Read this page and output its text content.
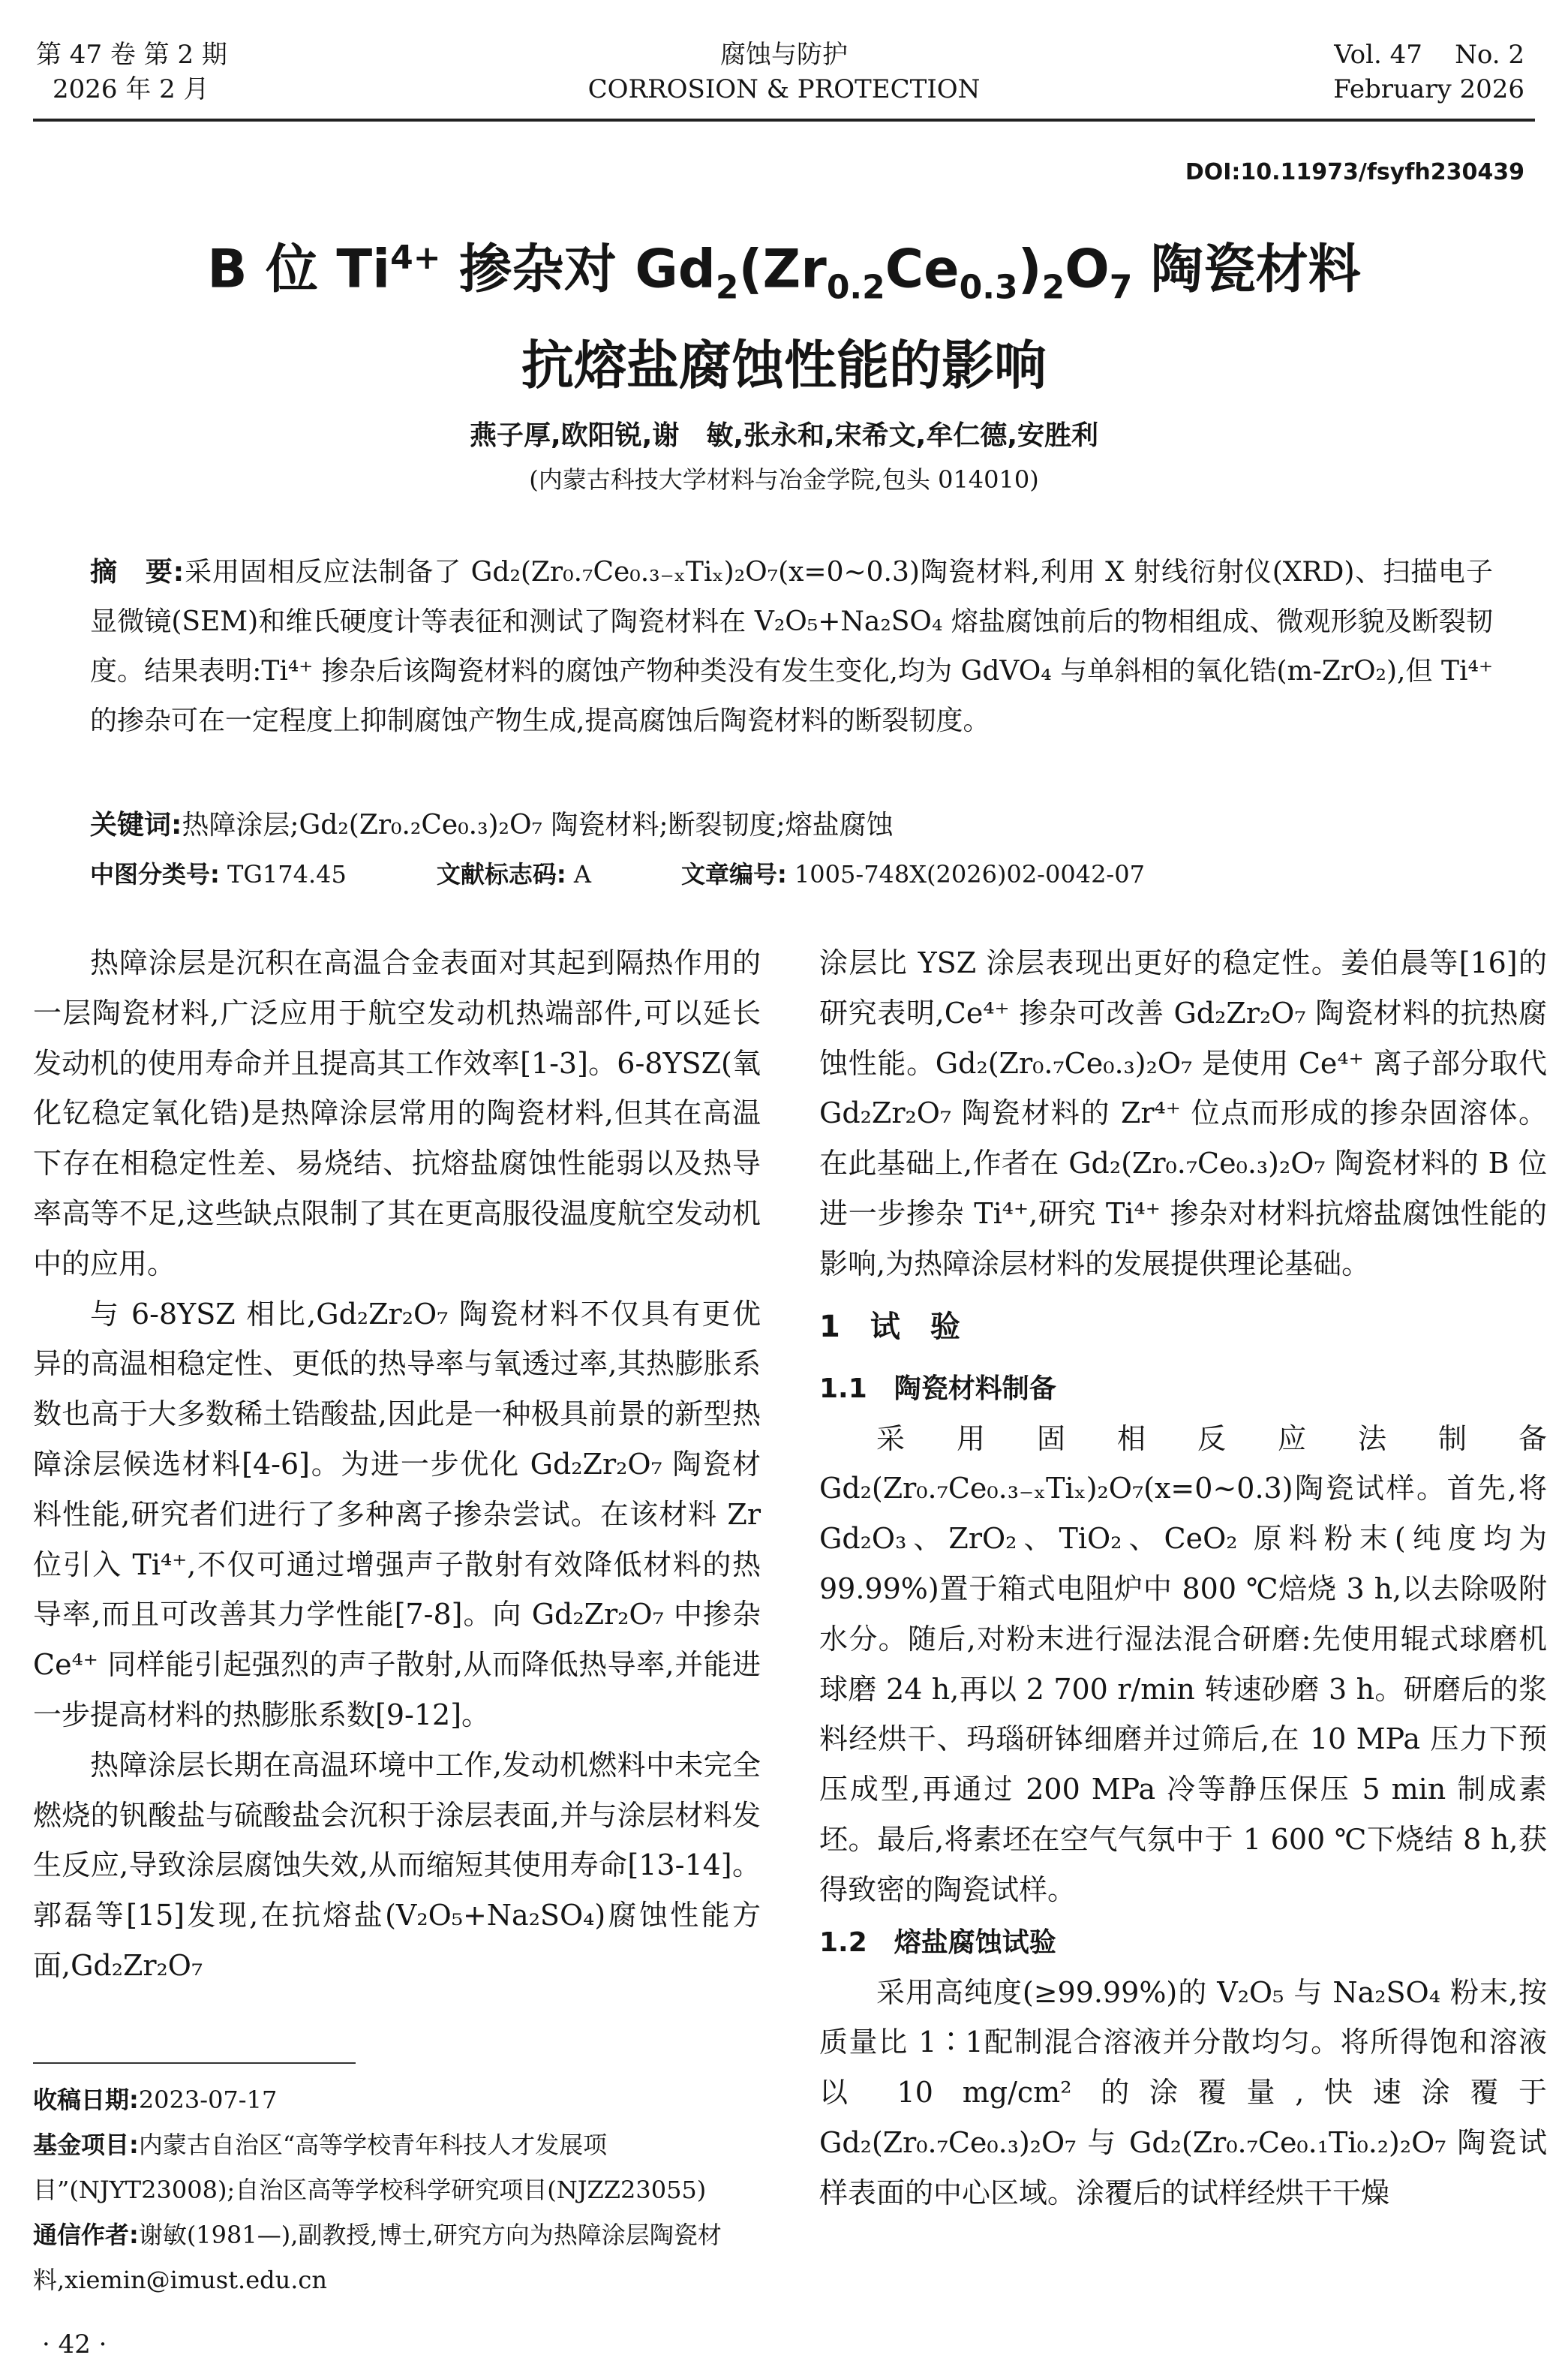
第 47 卷 第 2 期
2026 年 2 月
腐蚀与防护
CORROSION & PROTECTION
Vol. 47    No. 2
February 2026
DOI:10.11973/fsyfh230439
B 位 $Ti^{4+}$ 掺杂对 $Gd_2(Zr_{0.2}Ce_{0.3})_2O_7$ 陶瓷材料
抗熔盐腐蚀性能的影响
燕子厚,欧阳锐,谢　敏,张永和,宋希文,牟仁德,安胜利
(内蒙古科技大学材料与冶金学院,包头 014010)
摘　要:采用固相反应法制备了 Gd₂(Zr₀.₇Ce₀.₃₋ₓTiₓ)₂O₇(x=0~0.3)陶瓷材料,利用 X 射线衍射仪(XRD)、扫描电子显微镜(SEM)和维氏硬度计等表征和测试了陶瓷材料在 V₂O₅+Na₂SO₄ 熔盐腐蚀前后的物相组成、微观形貌及断裂韧度。结果表明:Ti⁴⁺ 掺杂后该陶瓷材料的腐蚀产物种类没有发生变化,均为 GdVO₄ 与单斜相的氧化锆(m-ZrO₂),但 Ti⁴⁺ 的掺杂可在一定程度上抑制腐蚀产物生成,提高腐蚀后陶瓷材料的断裂韧度。
关键词:热障涂层;Gd₂(Zr₀.₂Ce₀.₃)₂O₇ 陶瓷材料;断裂韧度;熔盐腐蚀
中图分类号: TG174.45	文献标志码: A	文章编号: 1005-748X(2026)02-0042-07

热障涂层是沉积在高温合金表面对其起到隔热作用的一层陶瓷材料,广泛应用于航空发动机热端部件,可以延长发动机的使用寿命并且提高其工作效率[1-3]。6-8YSZ(氧化钇稳定氧化锆)是热障涂层常用的陶瓷材料,但其在高温下存在相稳定性差、易烧结、抗熔盐腐蚀性能弱以及热导率高等不足,这些缺点限制了其在更高服役温度航空发动机中的应用。

与 6-8YSZ 相比,Gd₂Zr₂O₇ 陶瓷材料不仅具有更优异的高温相稳定性、更低的热导率与氧透过率,其热膨胀系数也高于大多数稀土锆酸盐,因此是一种极具前景的新型热障涂层候选材料[4-6]。为进一步优化 Gd₂Zr₂O₇ 陶瓷材料性能,研究者们进行了多种离子掺杂尝试。在该材料 Zr 位引入 Ti⁴⁺,不仅可通过增强声子散射有效降低材料的热导率,而且可改善其力学性能[7-8]。向 Gd₂Zr₂O₇ 中掺杂 Ce⁴⁺ 同样能引起强烈的声子散射,从而降低热导率,并能进一步提高材料的热膨胀系数[9-12]。

热障涂层长期在高温环境中工作,发动机燃料中未完全燃烧的钒酸盐与硫酸盐会沉积于涂层表面,并与涂层材料发生反应,导致涂层腐蚀失效,从而缩短其使用寿命[13-14]。郭磊等[15]发现,在抗熔盐(V₂O₅+Na₂SO₄)腐蚀性能方面,Gd₂Zr₂O₇

涂层比 YSZ 涂层表现出更好的稳定性。姜伯晨等[16]的研究表明,Ce⁴⁺ 掺杂可改善 Gd₂Zr₂O₇ 陶瓷材料的抗热腐蚀性能。Gd₂(Zr₀.₇Ce₀.₃)₂O₇ 是使用 Ce⁴⁺ 离子部分取代 Gd₂Zr₂O₇ 陶瓷材料的 Zr⁴⁺ 位点而形成的掺杂固溶体。在此基础上,作者在 Gd₂(Zr₀.₇Ce₀.₃)₂O₇ 陶瓷材料的 B 位进一步掺杂 Ti⁴⁺,研究 Ti⁴⁺ 掺杂对材料抗熔盐腐蚀性能的影响,为热障涂层材料的发展提供理论基础。

1　试　验
1.1　陶瓷材料制备

采用固相反应法制备 Gd₂(Zr₀.₇Ce₀.₃₋ₓTiₓ)₂O₇(x=0~0.3)陶瓷试样。首先,将 Gd₂O₃、ZrO₂、TiO₂、CeO₂ 原料粉末(纯度均为 99.99%)置于箱式电阻炉中 800 ℃焙烧 3 h,以去除吸附水分。随后,对粉末进行湿法混合研磨:先使用辊式球磨机球磨 24 h,再以 2 700 r/min 转速砂磨 3 h。研磨后的浆料经烘干、玛瑙研钵细磨并过筛后,在 10 MPa 压力下预压成型,再通过 200 MPa 冷等静压保压 5 min 制成素坯。最后,将素坯在空气气氛中于 1 600 ℃下烧结 8 h,获得致密的陶瓷试样。

1.2　熔盐腐蚀试验

采用高纯度(≥99.99%)的 V₂O₅ 与 Na₂SO₄ 粉末,按质量比 1∶1配制混合溶液并分散均匀。将所得饱和溶液以 10 mg/cm² 的涂覆量,快速涂覆于 Gd₂(Zr₀.₇Ce₀.₃)₂O₇ 与 Gd₂(Zr₀.₇Ce₀.₁Ti₀.₂)₂O₇ 陶瓷试样表面的中心区域。涂覆后的试样经烘干干燥

收稿日期:2023-07-17
基金项目:内蒙古自治区“高等学校青年科技人才发展项目”(NJYT23008);自治区高等学校科学研究项目(NJZZ23055)
通信作者:谢敏(1981—),副教授,博士,研究方向为热障涂层陶瓷材料,xiemin@imust.edu.cn
· 42 ·
